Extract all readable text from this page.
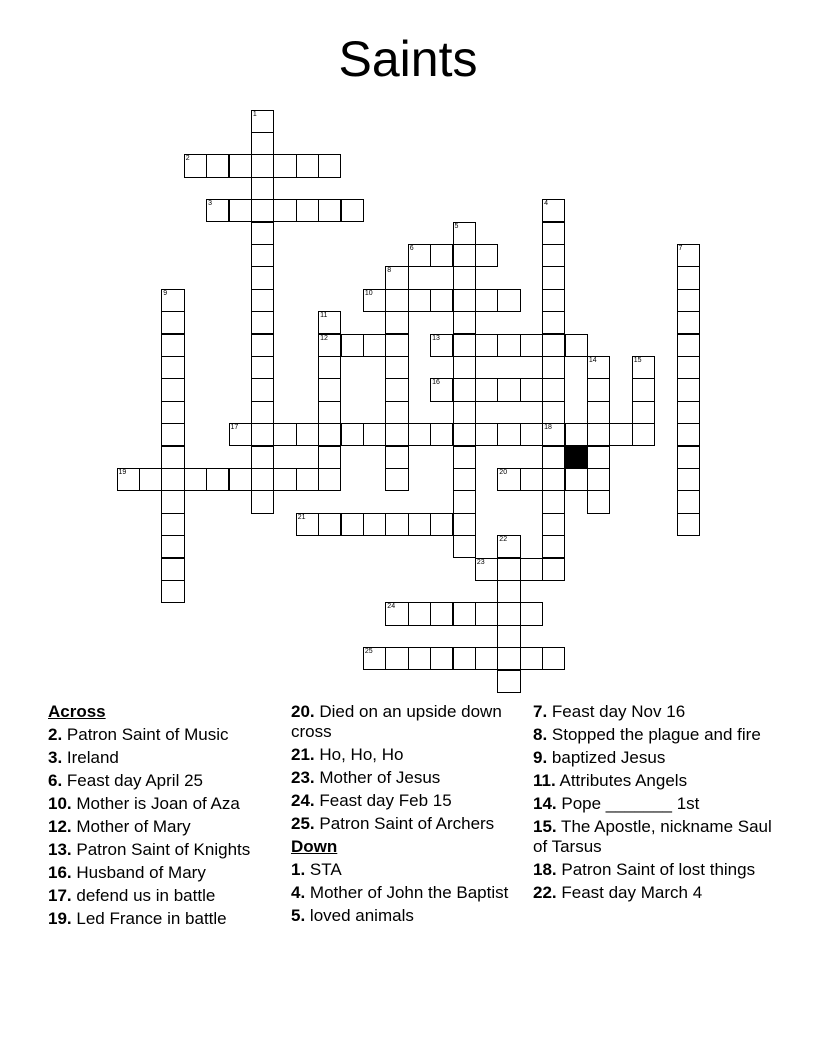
Saints
1
2
3	4
18
5
6	7
8
9	10
11
12	13
14	15
16
17
19	20
21
22
23
24
25
Across
2. Patron Saint of Music
3. Ireland
6. Feast day April 25
10. Mother is Joan of Aza
12. Mother of Mary
13. Patron Saint of Knights
16. Husband of Mary
17. defend us in battle
19. Led France in battle
20. Died on an upside down cross
21. Ho, Ho, Ho
23. Mother of Jesus
24. Feast day Feb 15
25. Patron Saint of Archers
Down
1. STA
4. Mother of John the Baptist
5. loved animals
7. Feast day Nov 16
8. Stopped the plague and fire
9. baptized Jesus
11. Attributes Angels
14. Pope _______ 1st
15. The Apostle, nickname Saul of Tarsus
18. Patron Saint of lost things
22. Feast day March 4
